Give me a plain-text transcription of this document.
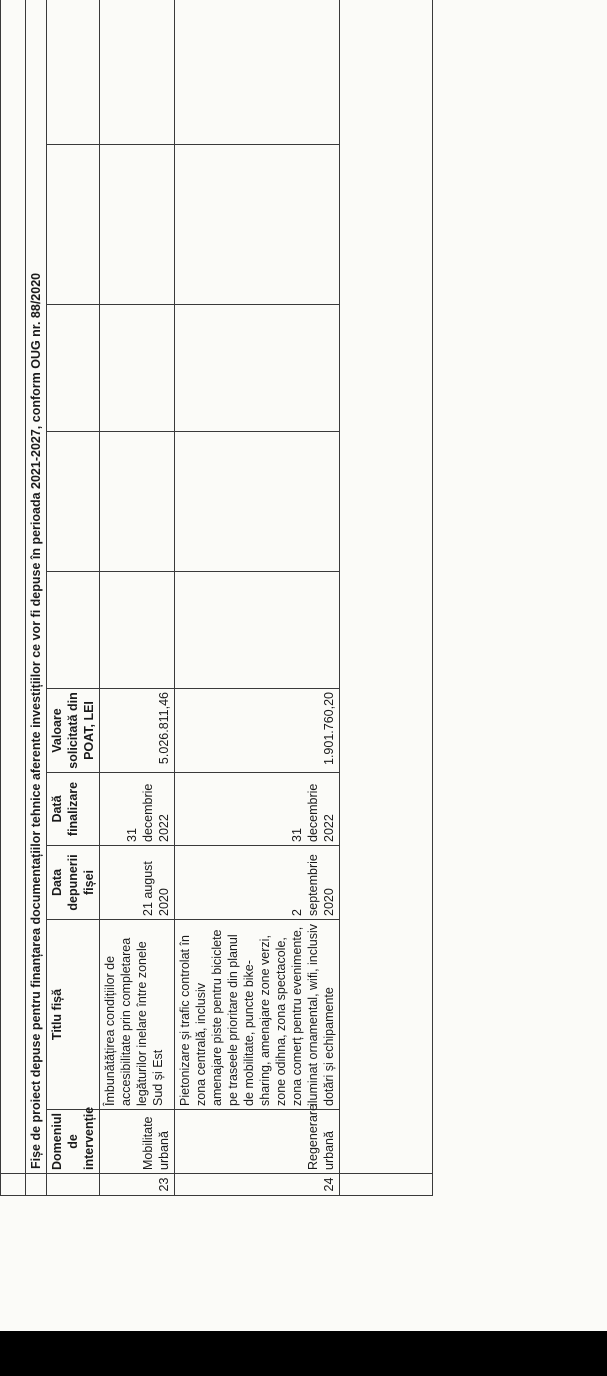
	Fișe de proiect depuse pentru finanțarea documentațiilor tehnice aferente investițiilor ce vor fi depuse în perioada 2021-2027, conform OUG nr. 88/2020									
	Domeniul de intervenție	Titlu fișă	Data depunerii fișei	Dată finalizare	Valoare solicitată din POAT, LEI					
23	Mobilitate urbană	Îmbunătățirea condițiilor de accesibilitate prin completarea legăturilor inelare între zonele Sud și Est	21 august 2020	31 decembrie 2022	5.026.811,46					
24	Regenerare urbană	Pietonizare și trafic controlat în zona centrală, inclusiv amenajare piste pentru biciclete pe traseele prioritare din planul de mobilitate, puncte bike-sharing, amenajare zone verzi, zone odihna, zona spectacole, zona comerț pentru evenimente, iluminat ornamental, wifi, inclusiv dotări și echipamente	2 septembrie 2020	31 decembrie 2022	1.901.760,20					
